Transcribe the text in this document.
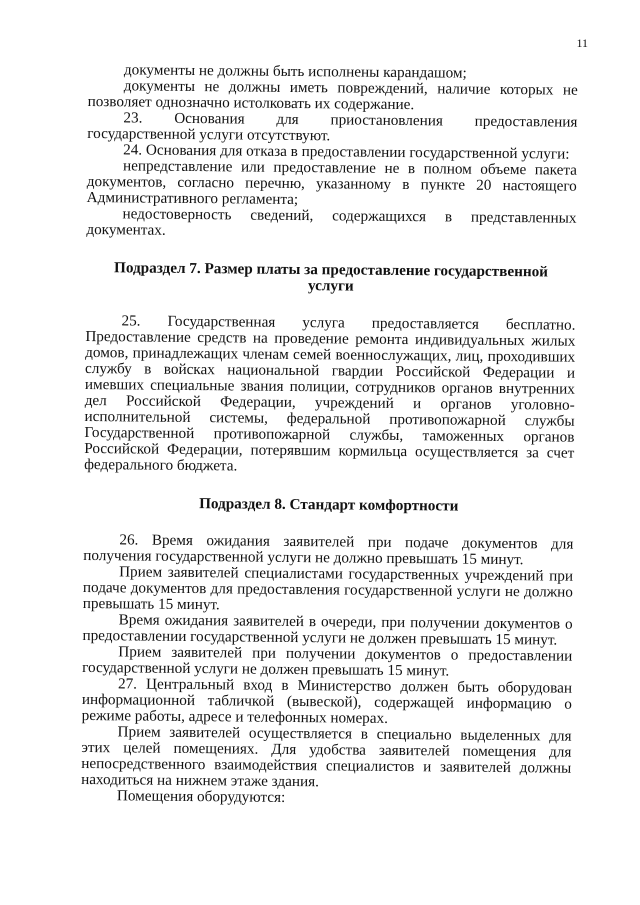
11

документы не должны быть исполнены карандашом;

документы не должны иметь повреждений, наличие которых не позволяет однозначно истолковать их содержание.

23. Основания для приостановления предоставления государственной услуги отсутствуют.

24. Основания для отказа в предоставлении государственной услуги:

непредставление или предоставление не в полном объеме пакета документов, согласно перечню, указанному в пункте 20 настоящего Административного регламента;

недостоверность сведений, содержащихся в представленных документах.

Подраздел 7. Размер платы за предоставление государственной услуги

25. Государственная услуга предоставляется бесплатно. Предоставление средств на проведение ремонта индивидуальных жилых домов, принадлежащих членам семей военнослужащих, лиц, проходивших службу в войсках национальной гвардии Российской Федерации и имевших специальные звания полиции, сотрудников органов внутренних дел Российской Федерации, учреждений и органов уголовно-исполнительной системы, федеральной противопожарной службы Государственной противопожарной службы, таможенных органов Российской Федерации, потерявшим кормильца осуществляется за счет федерального бюджета.

Подраздел 8. Стандарт комфортности

26. Время ожидания заявителей при подаче документов для получения государственной услуги не должно превышать 15 минут.

Прием заявителей специалистами государственных учреждений при подаче документов для предоставления государственной услуги не должно превышать 15 минут.

Время ожидания заявителей в очереди, при получении документов о предоставлении государственной услуги не должен превышать 15 минут.

Прием заявителей при получении документов о предоставлении государственной услуги не должен превышать 15 минут.

27. Центральный вход в Министерство должен быть оборудован информационной табличкой (вывеской), содержащей информацию о режиме работы, адресе и телефонных номерах.

Прием заявителей осуществляется в специально выделенных для этих целей помещениях. Для удобства заявителей помещения для непосредственного взаимодействия специалистов и заявителей должны находиться на нижнем этаже здания.

Помещения оборудуются:
